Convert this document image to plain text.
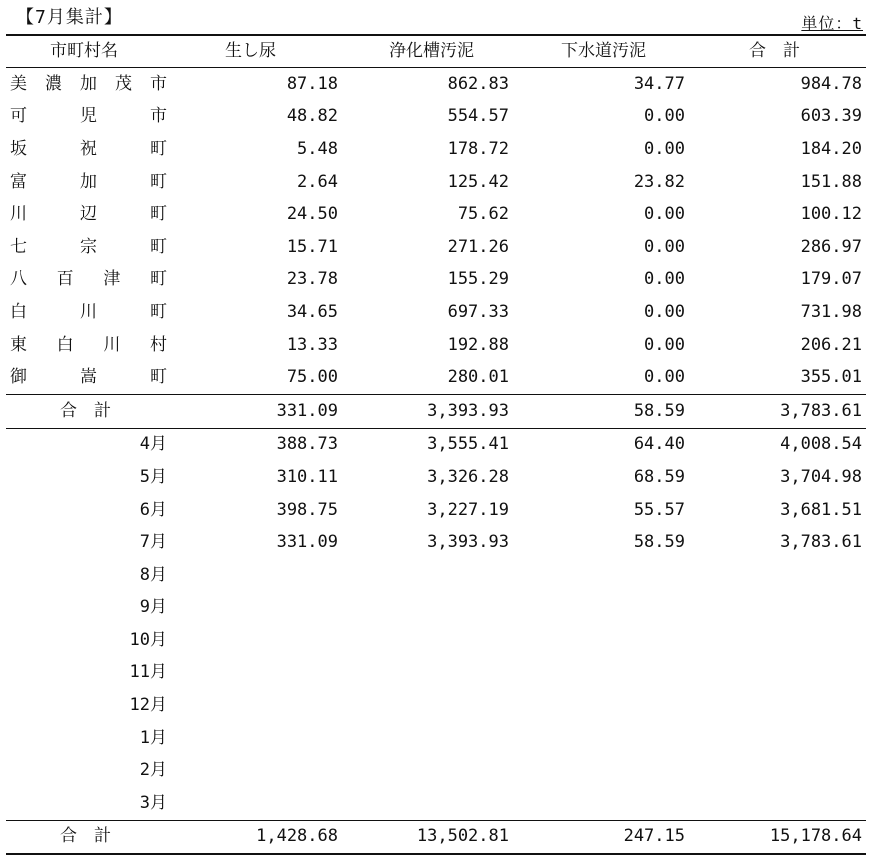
【7月集計】	単位：t
市町村名	生し尿	浄化槽汚泥	下水道汚泥	合　計
美濃加茂市	87.18	862.83	34.77	984.78
可児市	48.82	554.57	0.00	603.39
坂祝町	5.48	178.72	0.00	184.20
富加町	2.64	125.42	23.82	151.88
川辺町	24.50	75.62	0.00	100.12
七宗町	15.71	271.26	0.00	286.97
八百津町	23.78	155.29	0.00	179.07
白川町	34.65	697.33	0.00	731.98
東白川村	13.33	192.88	0.00	206.21
御嵩町	75.00	280.01	0.00	355.01
合　計	331.09	3,393.93	58.59	3,783.61
4月	388.73	3,555.41	64.40	4,008.54
5月	310.11	3,326.28	68.59	3,704.98
6月	398.75	3,227.19	55.57	3,681.51
7月	331.09	3,393.93	58.59	3,783.61
8月				
9月				
10月				
11月				
12月				
1月				
2月				
3月				
合　計	1,428.68	13,502.81	247.15	15,178.64
